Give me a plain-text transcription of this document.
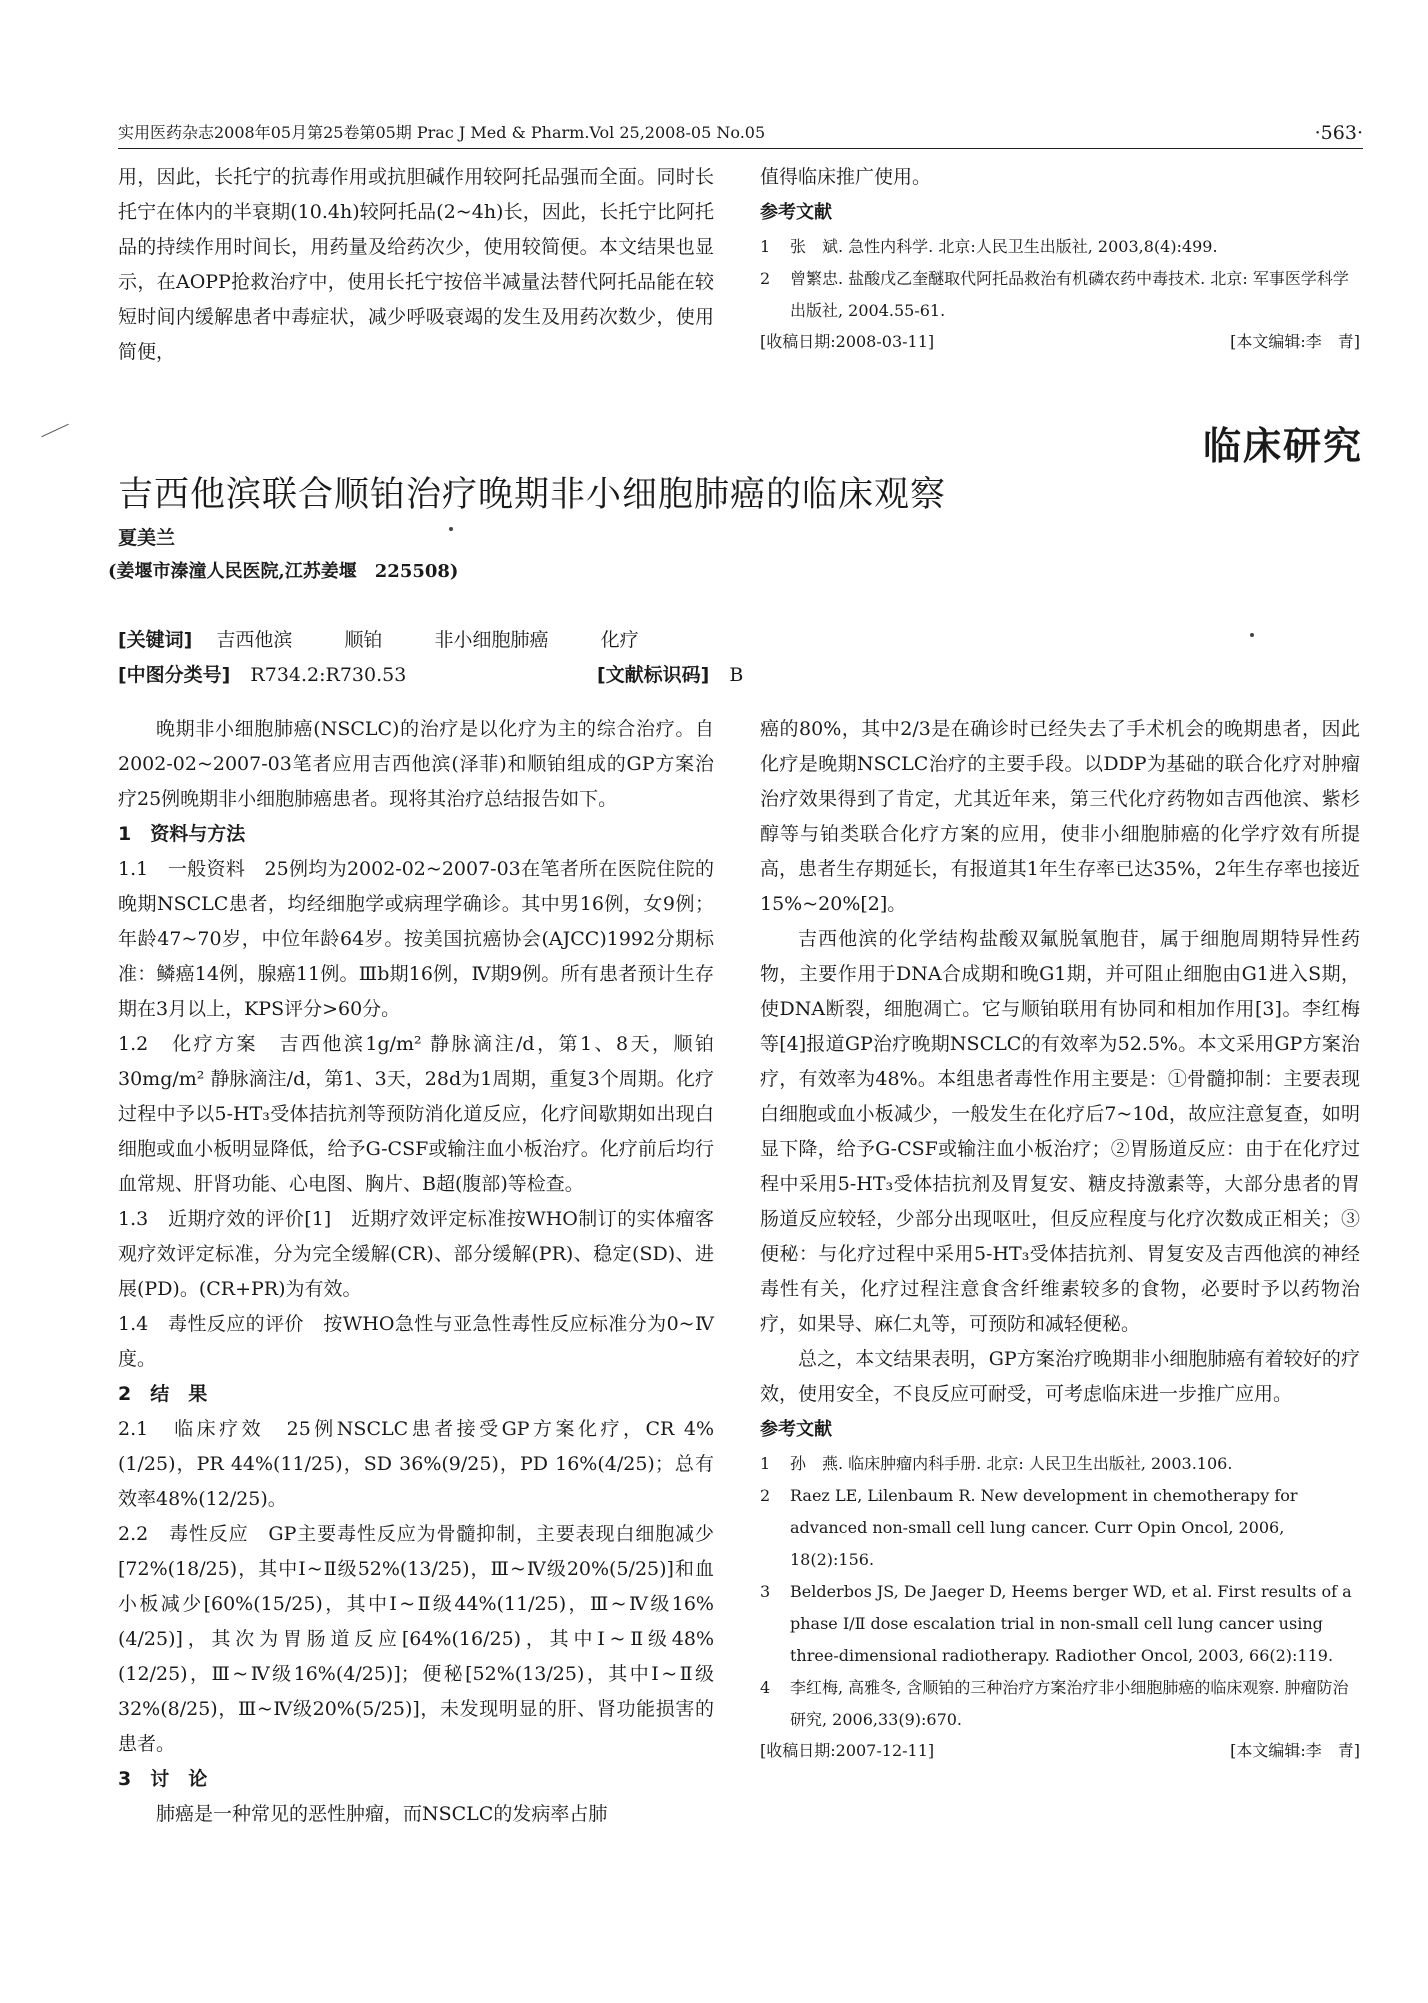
实用医药杂志2008年05月第25卷第05期 Prac J Med & Pharm.Vol 25,2008-05 No.05	·563·

用，因此，长托宁的抗毒作用或抗胆碱作用较阿托品强而全面。同时长托宁在体内的半衰期(10.4h)较阿托品(2~4h)长，因此，长托宁比阿托品的持续作用时间长，用药量及给药次少，使用较简便。本文结果也显示，在AOPP抢救治疗中，使用长托宁按倍半减量法替代阿托品能在较短时间内缓解患者中毒症状，减少呼吸衰竭的发生及用药次数少，使用简便，

值得临床推广使用。

参考文献
1 张　斌. 急性内科学. 北京:人民卫生出版社, 2003,8(4):499.
2 曾繁忠. 盐酸戊乙奎醚取代阿托品救治有机磷农药中毒技术. 北京: 军事医学科学出版社, 2004.55-61.
[收稿日期:2008-03-11]	[本文编辑:李　青]
临床研究
吉西他滨联合顺铂治疗晚期非小细胞肺癌的临床观察
夏美兰
(姜堰市溱潼人民医院,江苏姜堰　225508)
[关键词] 吉西他滨	顺铂	非小细胞肺癌	化疗
[中图分类号] R734.2:R730.53	[文献标识码] B

晚期非小细胞肺癌(NSCLC)的治疗是以化疗为主的综合治疗。自2002-02~2007-03笔者应用吉西他滨(泽菲)和顺铂组成的GP方案治疗25例晚期非小细胞肺癌患者。现将其治疗总结报告如下。

1　资料与方法

1.1　一般资料　25例均为2002-02~2007-03在笔者所在医院住院的晚期NSCLC患者，均经细胞学或病理学确诊。其中男16例，女9例；年龄47~70岁，中位年龄64岁。按美国抗癌协会(AJCC)1992分期标准：鳞癌14例，腺癌11例。Ⅲb期16例，Ⅳ期9例。所有患者预计生存期在3月以上，KPS评分>60分。

1.2　化疗方案　吉西他滨1g/m² 静脉滴注/d，第1、8天，顺铂30mg/m² 静脉滴注/d，第1、3天，28d为1周期，重复3个周期。化疗过程中予以5-HT₃受体拮抗剂等预防消化道反应，化疗间歇期如出现白细胞或血小板明显降低，给予G-CSF或输注血小板治疗。化疗前后均行血常规、肝肾功能、心电图、胸片、B超(腹部)等检查。

1.3　近期疗效的评价[1]　近期疗效评定标准按WHO制订的实体瘤客观疗效评定标准，分为完全缓解(CR)、部分缓解(PR)、稳定(SD)、进展(PD)。(CR+PR)为有效。

1.4　毒性反应的评价　按WHO急性与亚急性毒性反应标准分为0~Ⅳ度。

2　结　果

2.1　临床疗效　25例NSCLC患者接受GP方案化疗，CR 4%(1/25)，PR 44%(11/25)，SD 36%(9/25)，PD 16%(4/25)；总有效率48%(12/25)。

2.2　毒性反应　GP主要毒性反应为骨髓抑制，主要表现白细胞减少[72%(18/25)，其中Ⅰ~Ⅱ级52%(13/25)，Ⅲ~Ⅳ级20%(5/25)]和血小板减少[60%(15/25)，其中Ⅰ~Ⅱ级44%(11/25)，Ⅲ~Ⅳ级16%(4/25)]，其次为胃肠道反应[64%(16/25)，其中Ⅰ~Ⅱ级48%(12/25)，Ⅲ~Ⅳ级16%(4/25)]；便秘[52%(13/25)，其中Ⅰ~Ⅱ级32%(8/25)，Ⅲ~Ⅳ级20%(5/25)]，未发现明显的肝、肾功能损害的患者。

3　讨　论

肺癌是一种常见的恶性肿瘤，而NSCLC的发病率占肺

癌的80%，其中2/3是在确诊时已经失去了手术机会的晚期患者，因此化疗是晚期NSCLC治疗的主要手段。以DDP为基础的联合化疗对肿瘤治疗效果得到了肯定，尤其近年来，第三代化疗药物如吉西他滨、紫杉醇等与铂类联合化疗方案的应用，使非小细胞肺癌的化学疗效有所提高，患者生存期延长，有报道其1年生存率已达35%，2年生存率也接近15%~20%[2]。

吉西他滨的化学结构盐酸双氟脱氧胞苷，属于细胞周期特异性药物，主要作用于DNA合成期和晚G1期，并可阻止细胞由G1进入S期，使DNA断裂，细胞凋亡。它与顺铂联用有协同和相加作用[3]。李红梅等[4]报道GP治疗晚期NSCLC的有效率为52.5%。本文采用GP方案治疗，有效率为48%。本组患者毒性作用主要是：①骨髓抑制：主要表现白细胞或血小板减少，一般发生在化疗后7~10d，故应注意复查，如明显下降，给予G-CSF或输注血小板治疗；②胃肠道反应：由于在化疗过程中采用5-HT₃受体拮抗剂及胃复安、糖皮持激素等，大部分患者的胃肠道反应较轻，少部分出现呕吐，但反应程度与化疗次数成正相关；③便秘：与化疗过程中采用5-HT₃受体拮抗剂、胃复安及吉西他滨的神经毒性有关，化疗过程注意食含纤维素较多的食物，必要时予以药物治疗，如果导、麻仁丸等，可预防和减轻便秘。

总之，本文结果表明，GP方案治疗晚期非小细胞肺癌有着较好的疗效，使用安全，不良反应可耐受，可考虑临床进一步推广应用。

参考文献
1 孙　燕. 临床肿瘤内科手册. 北京: 人民卫生出版社, 2003.106.
2 Raez LE, Lilenbaum R. New development in chemotherapy for advanced non-small cell lung cancer. Curr Opin Oncol, 2006, 18(2):156.
3 Belderbos JS, De Jaeger D, Heems berger WD, et al. First results of a phase Ⅰ/Ⅱ dose escalation trial in non-small cell lung cancer using three-dimensional radiotherapy. Radiother Oncol, 2003, 66(2):119.
4 李红梅, 高雅冬, 含顺铂的三种治疗方案治疗非小细胞肺癌的临床观察. 肿瘤防治研究, 2006,33(9):670.
[收稿日期:2007-12-11]	[本文编辑:李　青]
